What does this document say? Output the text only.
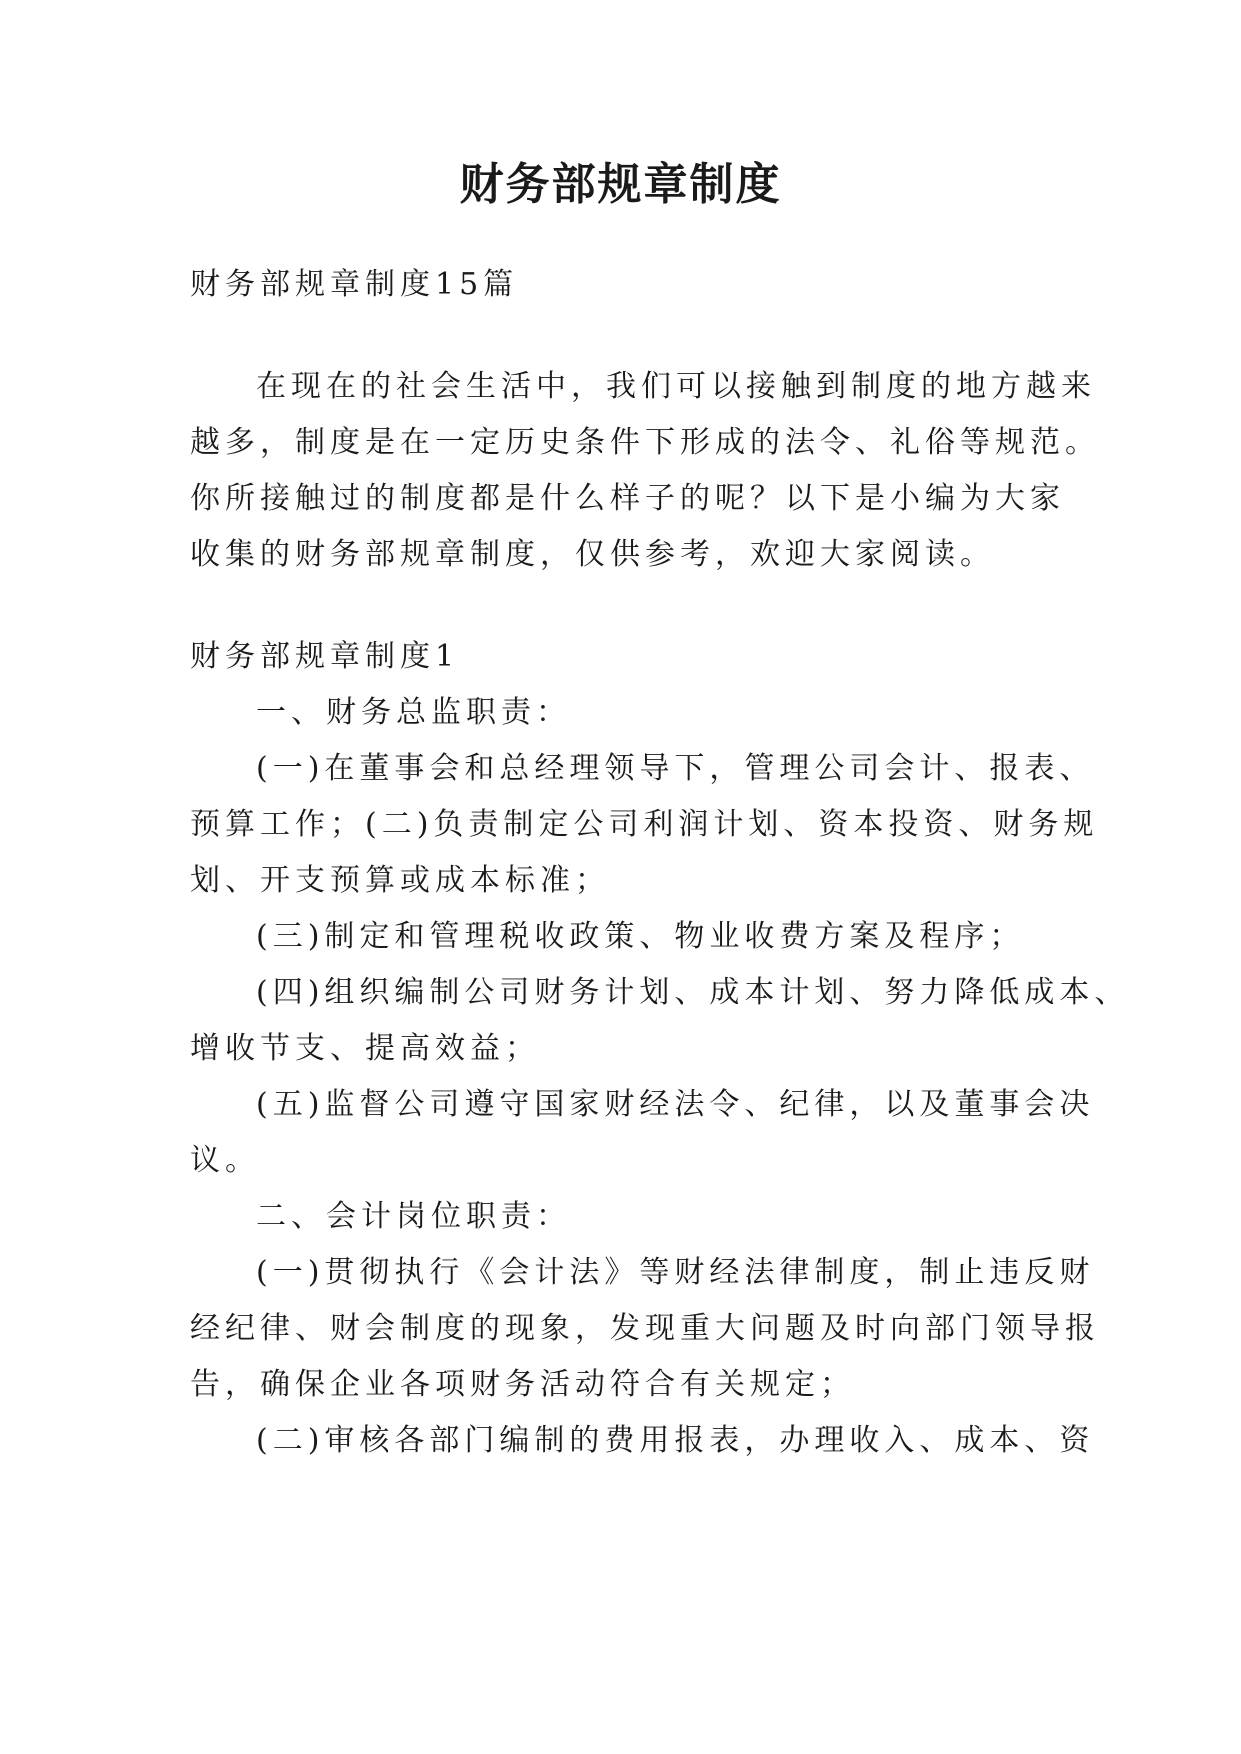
财务部规章制度
财务部规章制度15篇
在现在的社会生活中，我们可以接触到制度的地方越来
越多，制度是在一定历史条件下形成的法令、礼俗等规范。
你所接触过的制度都是什么样子的呢？以下是小编为大家
收集的财务部规章制度，仅供参考，欢迎大家阅读。
财务部规章制度1
一、财务总监职责：
(一)在董事会和总经理领导下，管理公司会计、报表、
预算工作；(二)负责制定公司利润计划、资本投资、财务规
划、开支预算或成本标准；
(三)制定和管理税收政策、物业收费方案及程序；
(四)组织编制公司财务计划、成本计划、努力降低成本、
增收节支、提高效益；
(五)监督公司遵守国家财经法令、纪律，以及董事会决
议。
二、会计岗位职责：
(一)贯彻执行《会计法》等财经法律制度，制止违反财
经纪律、财会制度的现象，发现重大问题及时向部门领导报
告，确保企业各项财务活动符合有关规定；
(二)审核各部门编制的费用报表，办理收入、成本、资
